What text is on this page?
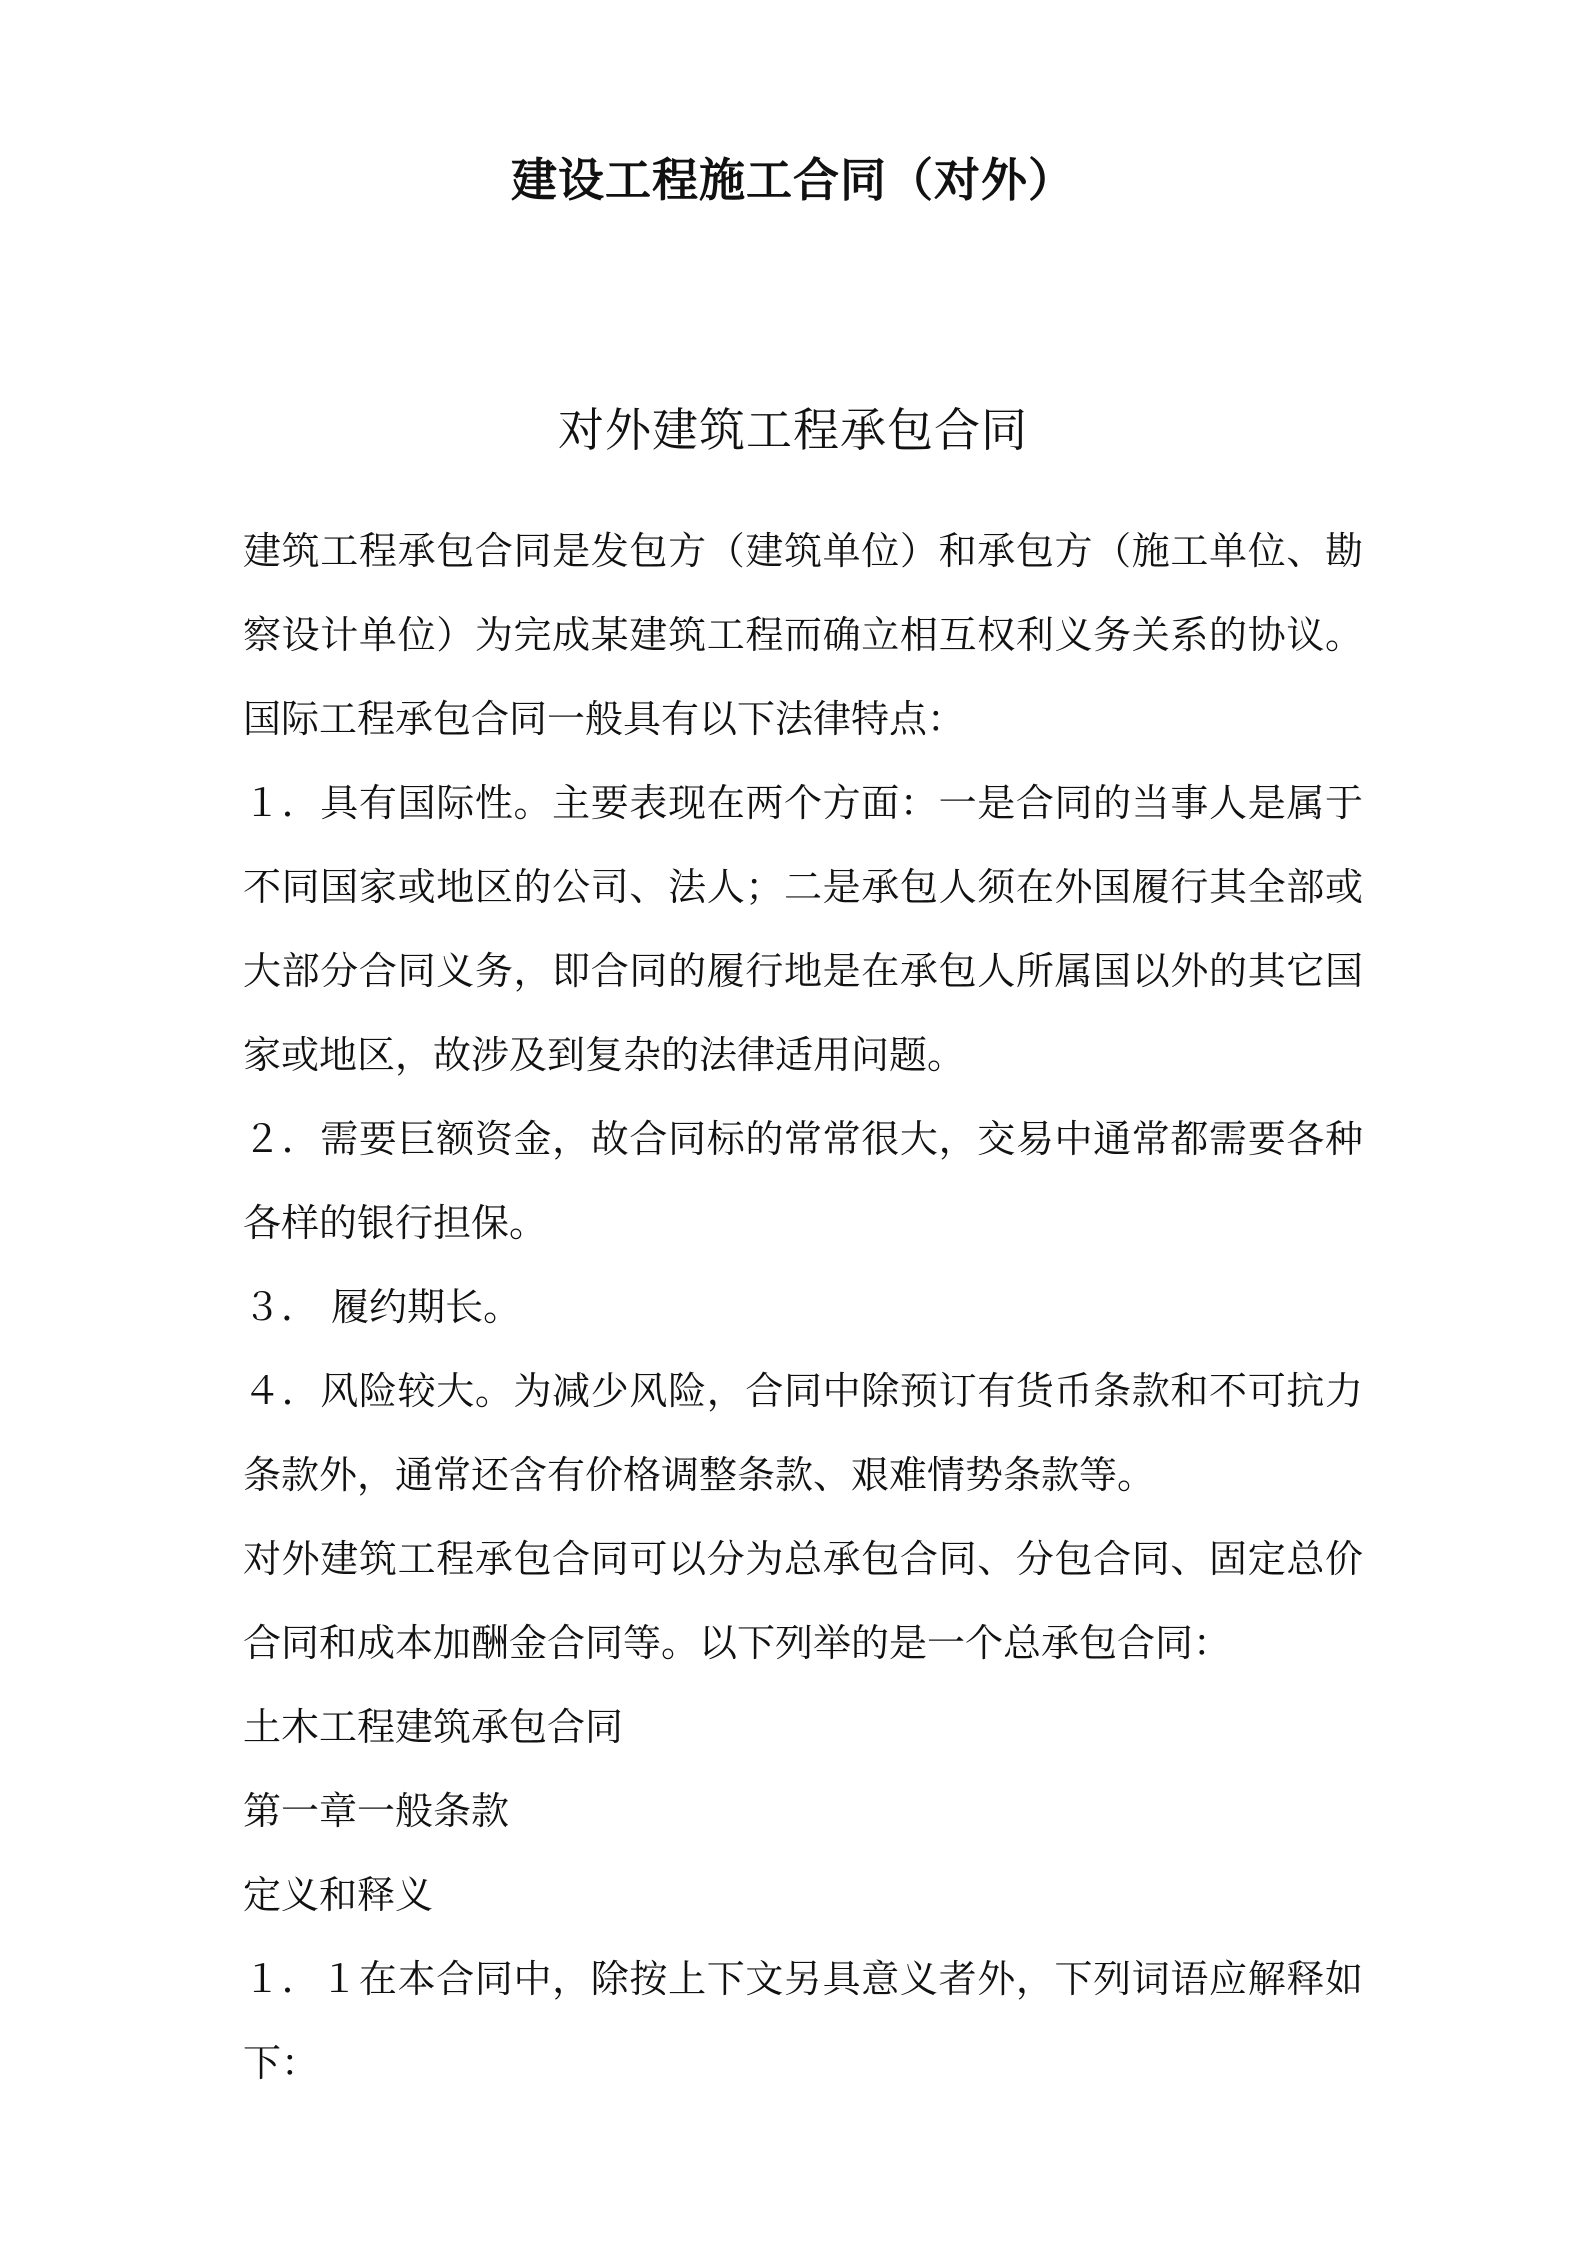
建设工程施工合同（对外）
对外建筑工程承包合同

建筑工程承包合同是发包方（建筑单位）和承包方（施工单位、勘察设计单位）为完成某建筑工程而确立相互权利义务关系的协议。国际工程承包合同一般具有以下法律特点：

１．具有国际性。主要表现在两个方面：一是合同的当事人是属于不同国家或地区的公司、法人；二是承包人须在外国履行其全部或大部分合同义务，即合同的履行地是在承包人所属国以外的其它国家或地区，故涉及到复杂的法律适用问题。

２．需要巨额资金，故合同标的常常很大，交易中通常都需要各种各样的银行担保。

３． 履约期长。

４．风险较大。为减少风险，合同中除预订有货币条款和不可抗力条款外，通常还含有价格调整条款、艰难情势条款等。

对外建筑工程承包合同可以分为总承包合同、分包合同、固定总价合同和成本加酬金合同等。以下列举的是一个总承包合同：

土木工程建筑承包合同

第一章一般条款

定义和释义

１．１在本合同中，除按上下文另具意义者外，下列词语应解释如下：
